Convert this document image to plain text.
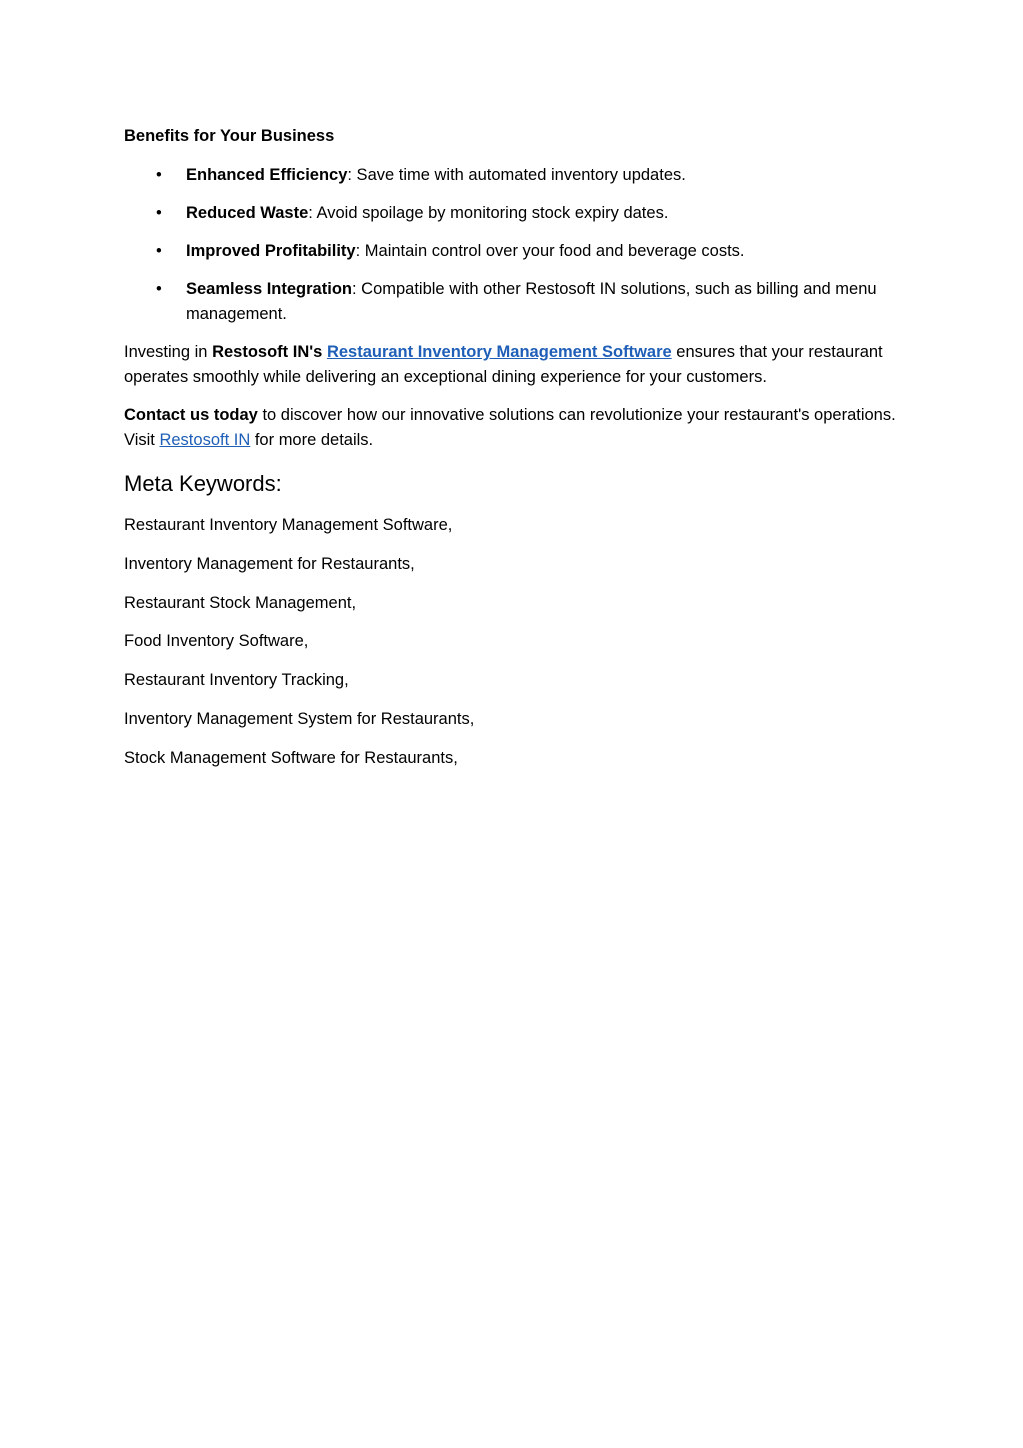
Benefits for Your Business
• Enhanced Efficiency: Save time with automated inventory updates.
• Reduced Waste: Avoid spoilage by monitoring stock expiry dates.
• Improved Profitability: Maintain control over your food and beverage costs.
• Seamless Integration: Compatible with other Restosoft IN solutions, such as billing and menu management.

Investing in Restosoft IN's Restaurant Inventory Management Software ensures that your restaurant operates smoothly while delivering an exceptional dining experience for your customers.

Contact us today to discover how our innovative solutions can revolutionize your restaurant's operations. Visit Restosoft IN for more details.

Meta Keywords:
Restaurant Inventory Management Software,
Inventory Management for Restaurants,
Restaurant Stock Management,
Food Inventory Software,
Restaurant Inventory Tracking,
Inventory Management System for Restaurants,
Stock Management Software for Restaurants,
